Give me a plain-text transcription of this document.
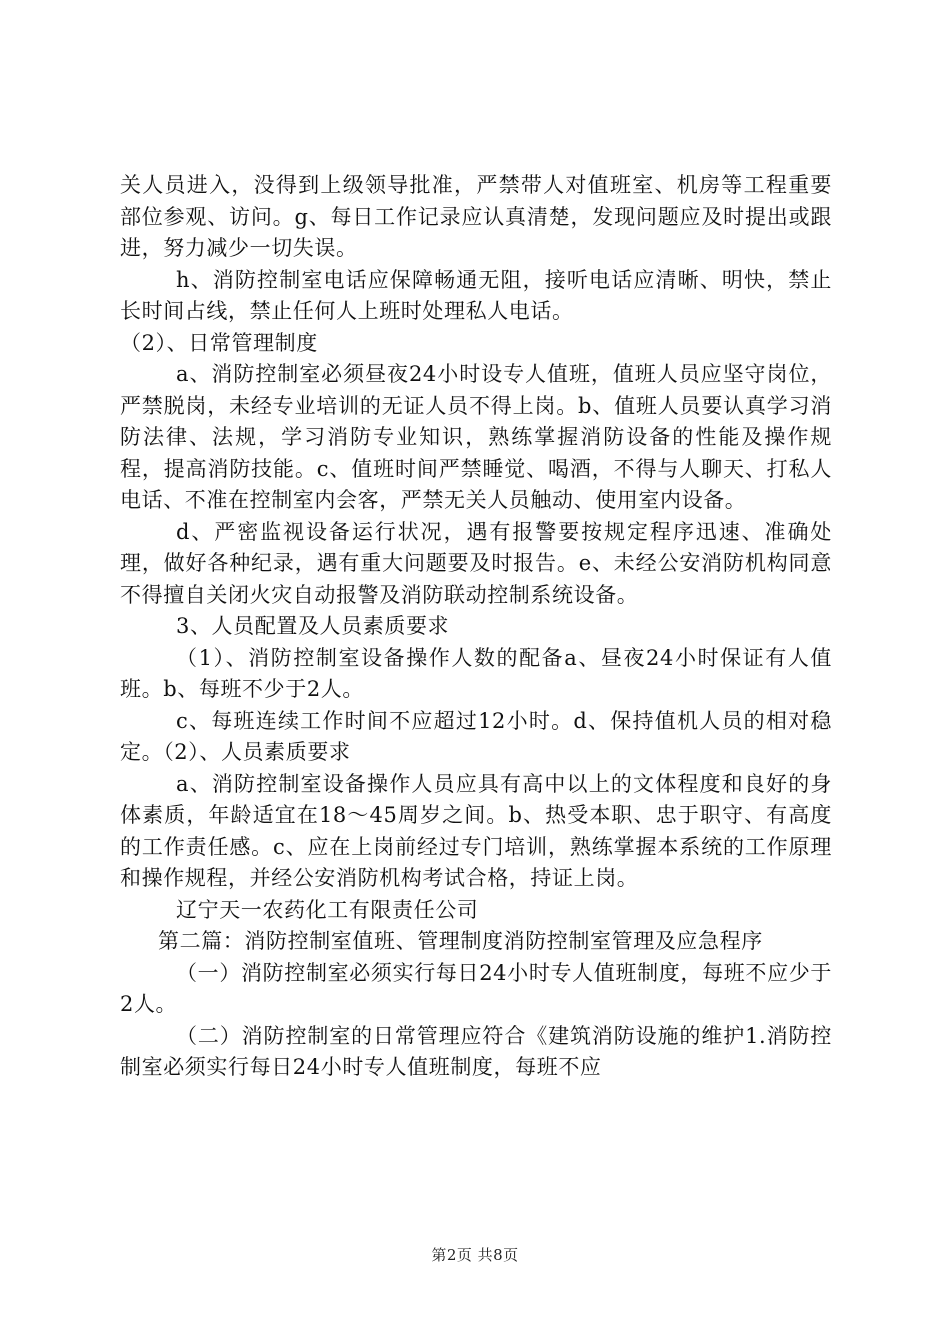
关人员进入，没得到上级领导批准，严禁带人对值班室、机房等工程重要部位参观、访问。g、每日工作记录应认真清楚，发现问题应及时提出或跟进，努力减少一切失误。

h、消防控制室电话应保障畅通无阻，接听电话应清晰、明快，禁止长时间占线，禁止任何人上班时处理私人电话。

（2）、日常管理制度

a、消防控制室必须昼夜24小时设专人值班，值班人员应坚守岗位，严禁脱岗，未经专业培训的无证人员不得上岗。b、值班人员要认真学习消防法律、法规，学习消防专业知识，熟练掌握消防设备的性能及操作规程，提高消防技能。c、值班时间严禁睡觉、喝酒，不得与人聊天、打私人电话、不准在控制室内会客，严禁无关人员触动、使用室内设备。

d、严密监视设备运行状况，遇有报警要按规定程序迅速、准确处理，做好各种纪录，遇有重大问题要及时报告。e、未经公安消防机构同意不得擅自关闭火灾自动报警及消防联动控制系统设备。

3、人员配置及人员素质要求

（1）、消防控制室设备操作人数的配备a、昼夜24小时保证有人值班。b、每班不少于2人。

c、每班连续工作时间不应超过12小时。d、保持值机人员的相对稳定。（2）、人员素质要求

a、消防控制室设备操作人员应具有高中以上的文体程度和良好的身体素质，年龄适宜在18～45周岁之间。b、热受本职、忠于职守、有高度的工作责任感。c、应在上岗前经过专门培训，熟练掌握本系统的工作原理和操作规程，并经公安消防机构考试合格，持证上岗。

辽宁天一农药化工有限责任公司

第二篇：消防控制室值班、管理制度消防控制室管理及应急程序

（一）消防控制室必须实行每日24小时专人值班制度，每班不应少于2人。

（二）消防控制室的日常管理应符合《建筑消防设施的维护1.消防控制室必须实行每日24小时专人值班制度，每班不应

第2页 共8页
